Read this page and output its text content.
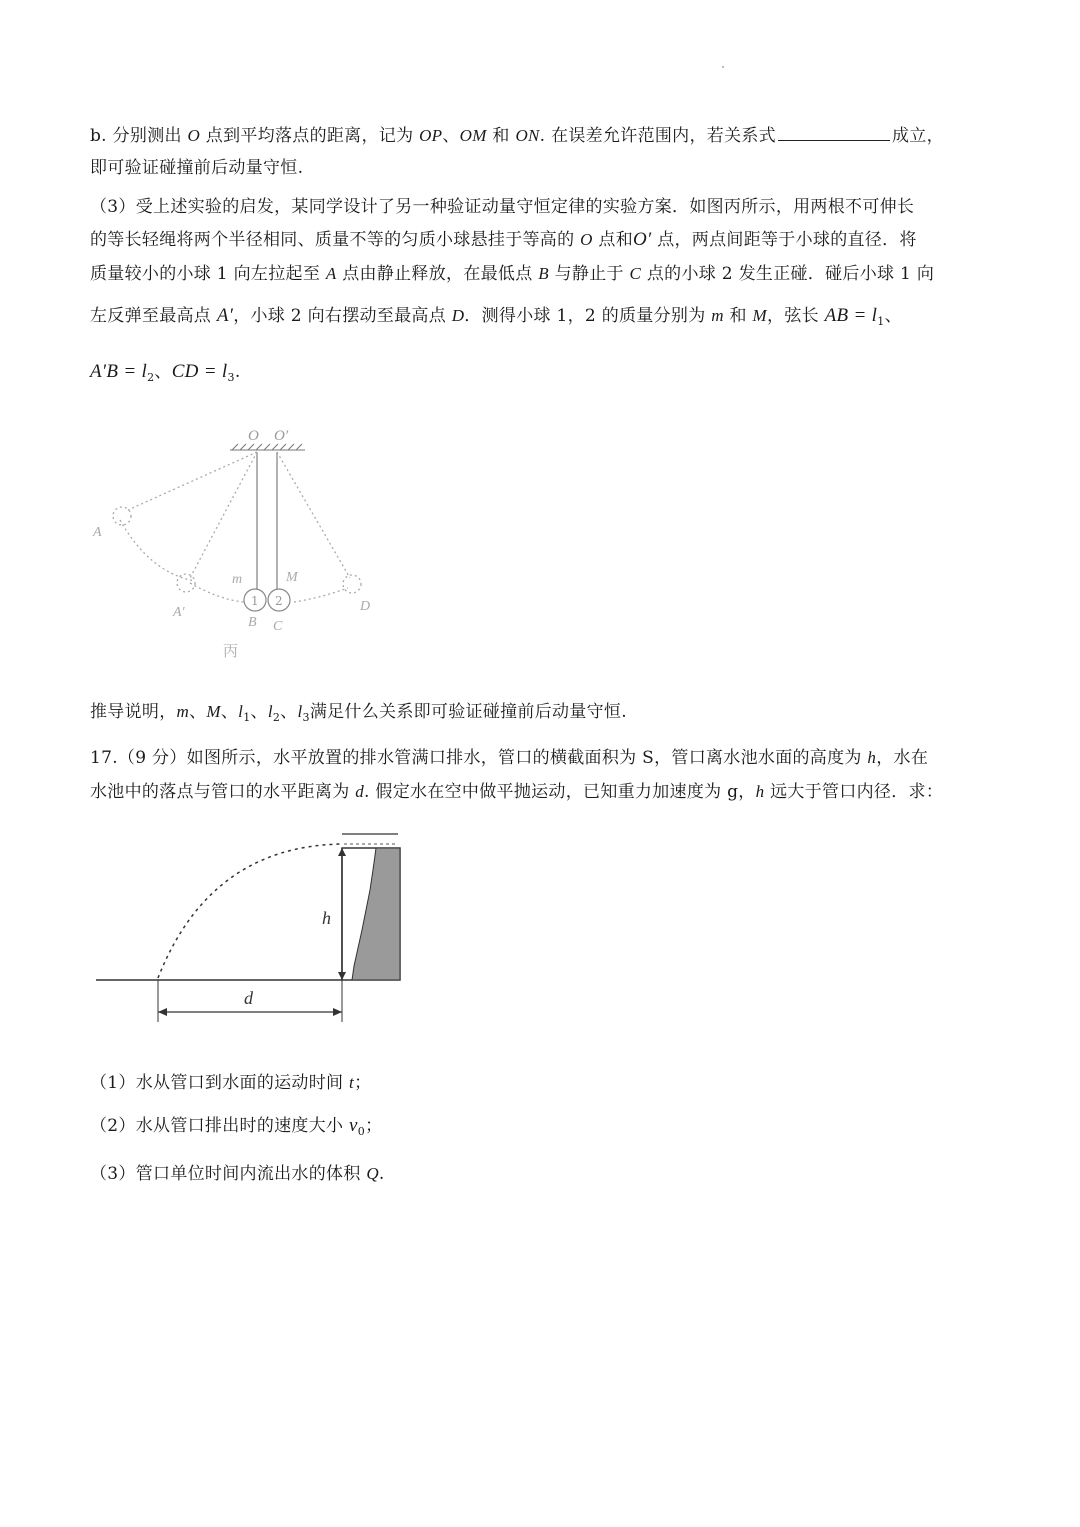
b. 分别测出 O 点到平均落点的距离，记为 OP、OM 和 ON. 在误差允许范围内，若关系式	成立，
即可验证碰撞前后动量守恒.
（3）受上述实验的启发，某同学设计了另一种验证动量守恒定律的实验方案．如图丙所示，用两根不可伸长
的等长轻绳将两个半径相同、质量不等的匀质小球悬挂于等高的 O 点和O′ 点，两点间距等于小球的直径．将
质量较小的小球 1 向左拉起至 A 点由静止释放，在最低点 B 与静止于 C 点的小球 2 发生正碰．碰后小球 1 向
左反弹至最高点 A′，小球 2 向右摆动至最高点 D．测得小球 1，2 的质量分别为 m 和 M，弦长 AB = $l_1$、
$A'B = l_2$、CD = $l_3$.
O O′
1 2
A
A′
m	M
B C
D
丙
推导说明，m、M、$l_1$、$l_2$、$l_3$满足什么关系即可验证碰撞前后动量守恒.
17.（9 分）如图所示，水平放置的排水管满口排水，管口的横截面积为 S，管口离水池水面的高度为 h，水在
水池中的落点与管口的水平距离为 d. 假定水在空中做平抛运动，已知重力加速度为 g，h 远大于管口内径．求：
h
d
（1）水从管口到水面的运动时间 t；
（2）水从管口排出时的速度大小 $v_0$；
（3）管口单位时间内流出水的体积 Q.
